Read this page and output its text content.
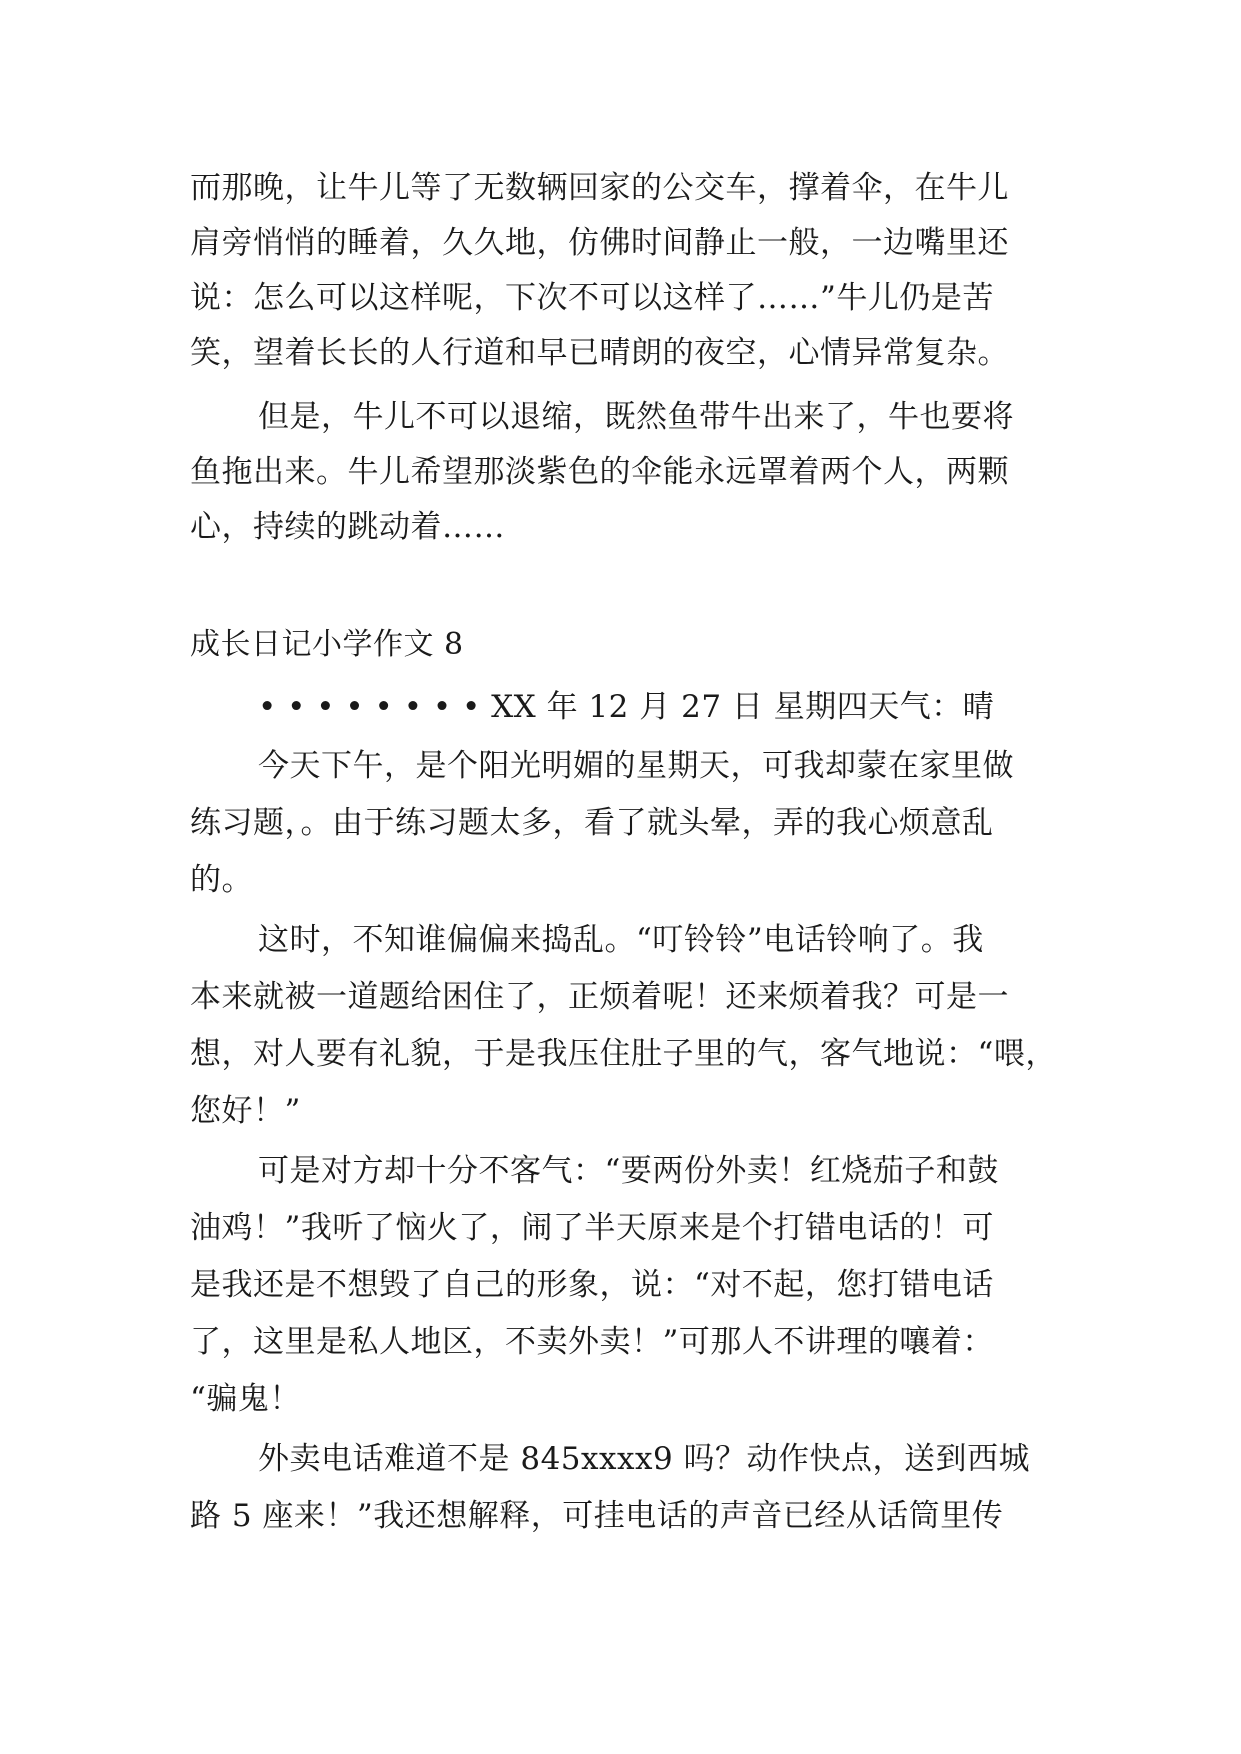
而那晚，让牛儿等了无数辆回家的公交车，撑着伞，在牛儿
肩旁悄悄的睡着，久久地，仿佛时间静止一般，一边嘴里还
说：怎么可以这样呢，下次不可以这样了……”牛儿仍是苦
笑，望着长长的人行道和早已晴朗的夜空，心情异常复杂。
但是，牛儿不可以退缩，既然鱼带牛出来了，牛也要将
鱼拖出来。牛儿希望那淡紫色的伞能永远罩着两个人，两颗
心，持续的跳动着……
成长日记小学作文 8
• • • • • • • • XX 年 12 月 27 日 星期四天气：晴
今天下午，是个阳光明媚的星期天，可我却蒙在家里做
练习题，。由于练习题太多，看了就头晕，弄的我心烦意乱
的。
这时，不知谁偏偏来捣乱。“叮铃铃”电话铃响了。我
本来就被一道题给困住了，正烦着呢！还来烦着我？可是一
想，对人要有礼貌，于是我压住肚子里的气，客气地说：“喂，
您好！”
可是对方却十分不客气：“要两份外卖！红烧茄子和鼓
油鸡！”我听了恼火了，闹了半天原来是个打错电话的！可
是我还是不想毁了自己的形象，说：“对不起，您打错电话
了，这里是私人地区，不卖外卖！”可那人不讲理的嚷着：
“骗鬼！
外卖电话难道不是 845xxxx9 吗？动作快点，送到西城
路 5 座来！”我还想解释，可挂电话的声音已经从话筒里传
